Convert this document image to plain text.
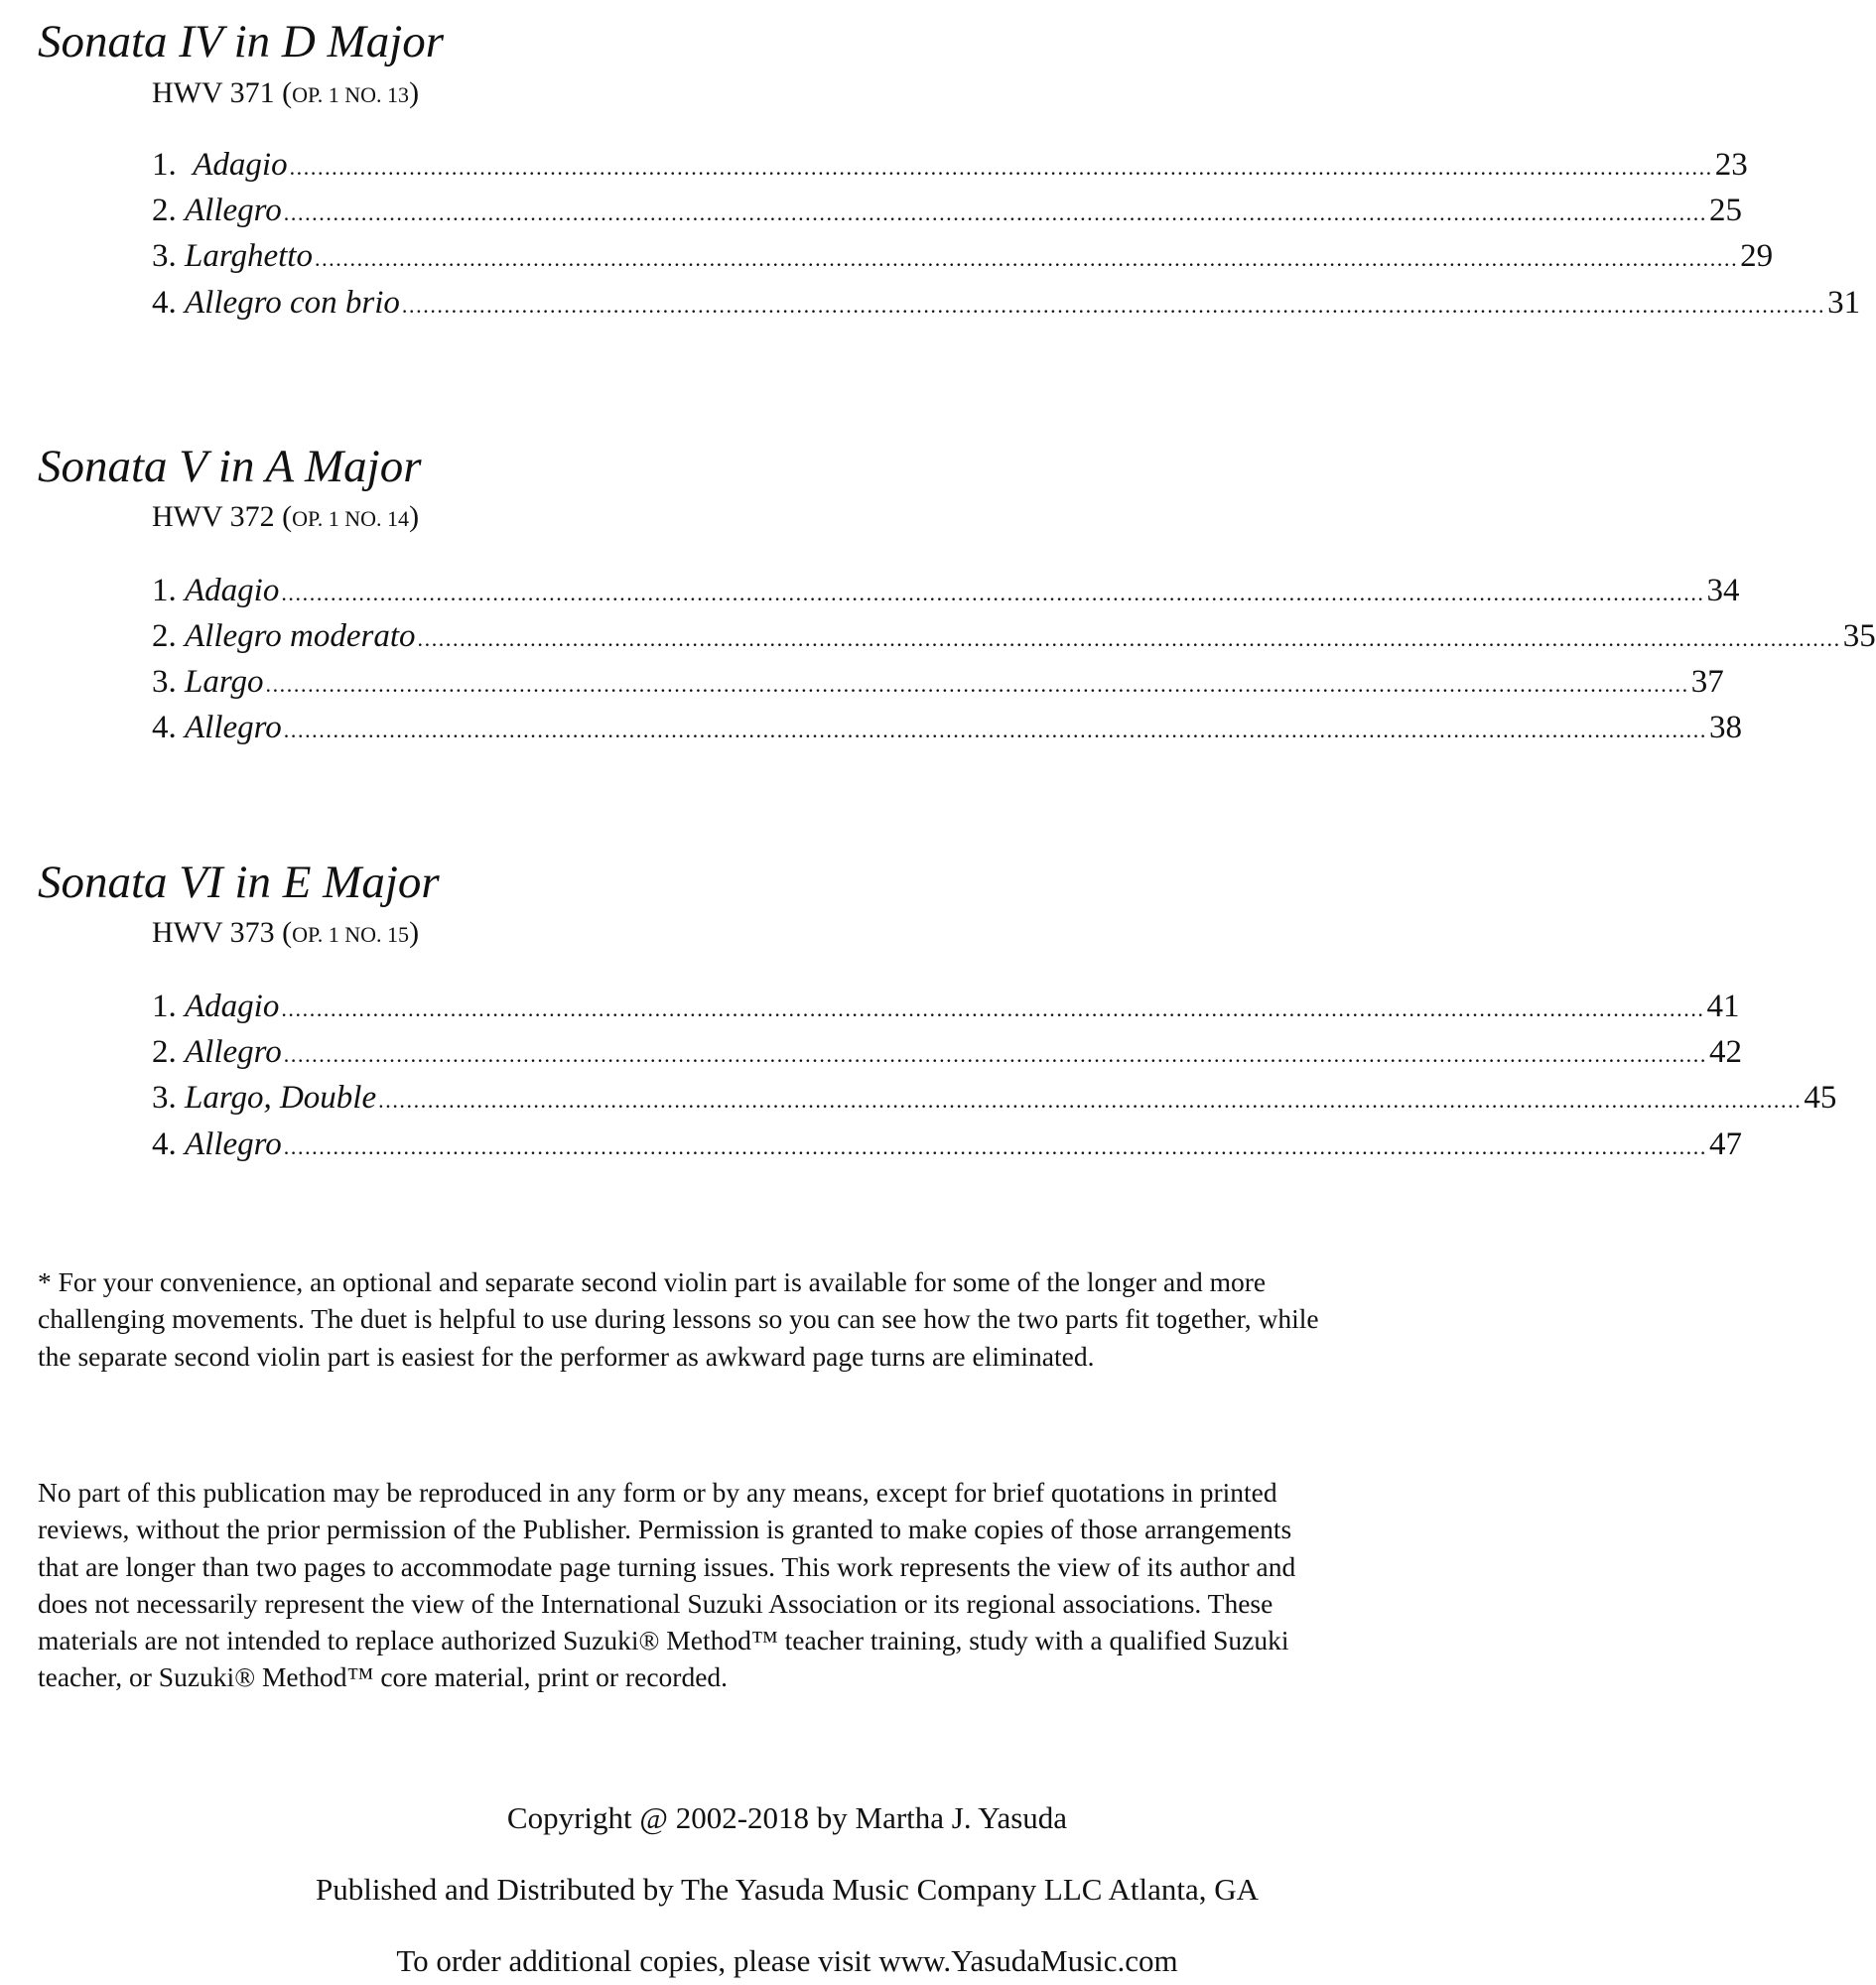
Sonata IV in D Major
HWV 371 (OP. 1 NO. 13)
1. Adagio .......................................................................................................................................................................................................... 23
2. Allegro .......................................................................................................................................................................................................... 25
3. Larghetto .......................................................................................................................................................................................................... 29
4. Allegro con brio .......................................................................................................................................................................................................... 31
Sonata V in A Major
HWV 372 (OP. 1 NO. 14)
1. Adagio .......................................................................................................................................................................................................... 34
2. Allegro moderato .......................................................................................................................................................................................................... 35
3. Largo .......................................................................................................................................................................................................... 37
4. Allegro .......................................................................................................................................................................................................... 38
Sonata VI in E Major
HWV 373 (OP. 1 NO. 15)
1. Adagio .......................................................................................................................................................................................................... 41
2. Allegro .......................................................................................................................................................................................................... 42
3. Largo, Double .......................................................................................................................................................................................................... 45
4. Allegro .......................................................................................................................................................................................................... 47
* For your convenience, an optional and separate second violin part is available for some of the longer and more
challenging movements. The duet is helpful to use during lessons so you can see how the two parts fit together, while
the separate second violin part is easiest for the performer as awkward page turns are eliminated.
No part of this publication may be reproduced in any form or by any means, except for brief quotations in printed
reviews, without the prior permission of the Publisher. Permission is granted to make copies of those arrangements
that are longer than two pages to accommodate page turning issues. This work represents the view of its author and
does not necessarily represent the view of the International Suzuki Association or its regional associations. These
materials are not intended to replace authorized Suzuki® Method™ teacher training, study with a qualified Suzuki
teacher, or Suzuki® Method™ core material, print or recorded.
Copyright @ 2002-2018 by Martha J. Yasuda
Published and Distributed by The Yasuda Music Company LLC Atlanta, GA
To order additional copies, please visit www.YasudaMusic.com
